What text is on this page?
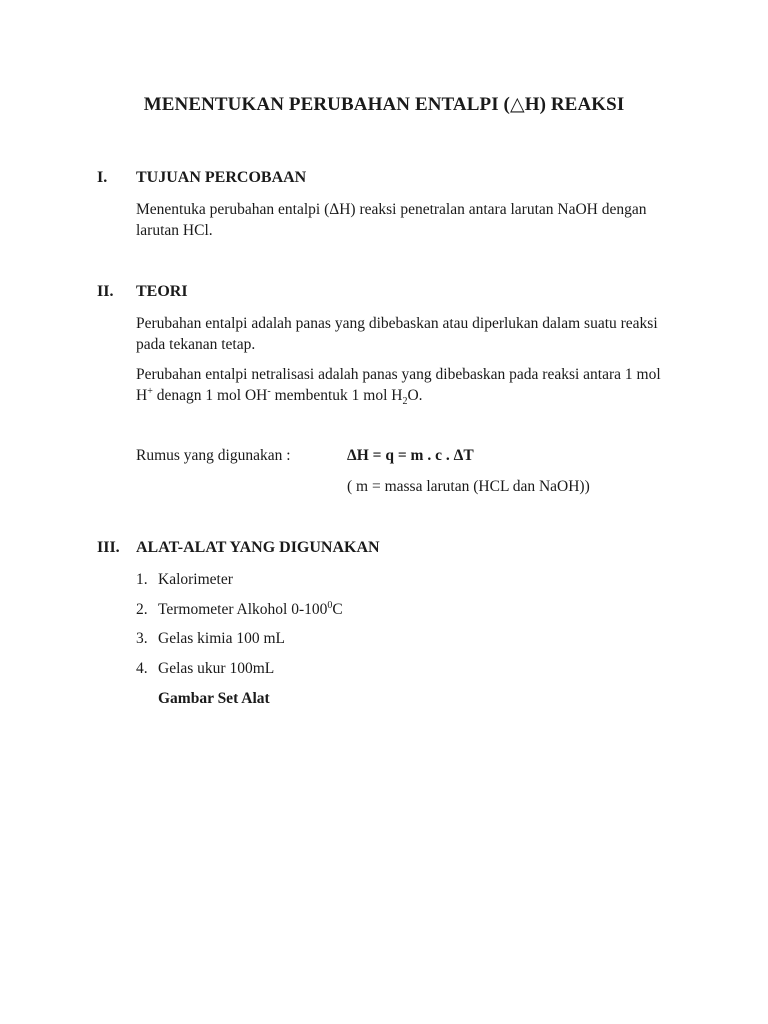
MENENTUKAN PERUBAHAN ENTALPI (△H) REAKSI
I. TUJUAN PERCOBAAN
Menentuka perubahan entalpi (ΔH) reaksi penetralan antara larutan NaOH dengan larutan HCl.
II. TEORI
Perubahan entalpi adalah panas yang dibebaskan atau diperlukan dalam suatu reaksi pada tekanan tetap.
Perubahan entalpi netralisasi adalah panas yang dibebaskan pada reaksi antara 1 mol H+ denagn 1 mol OH- membentuk 1 mol $H_2O$.
Rumus yang digunakan :	ΔH = q = m . c . ΔT
( m = massa larutan (HCL dan NaOH))
III. ALAT-ALAT YANG DIGUNAKAN
1. Kalorimeter
2. Termometer Alkohol $0-100^0C$
3. Gelas kimia 100 mL
4. Gelas ukur 100mL
Gambar Set Alat
